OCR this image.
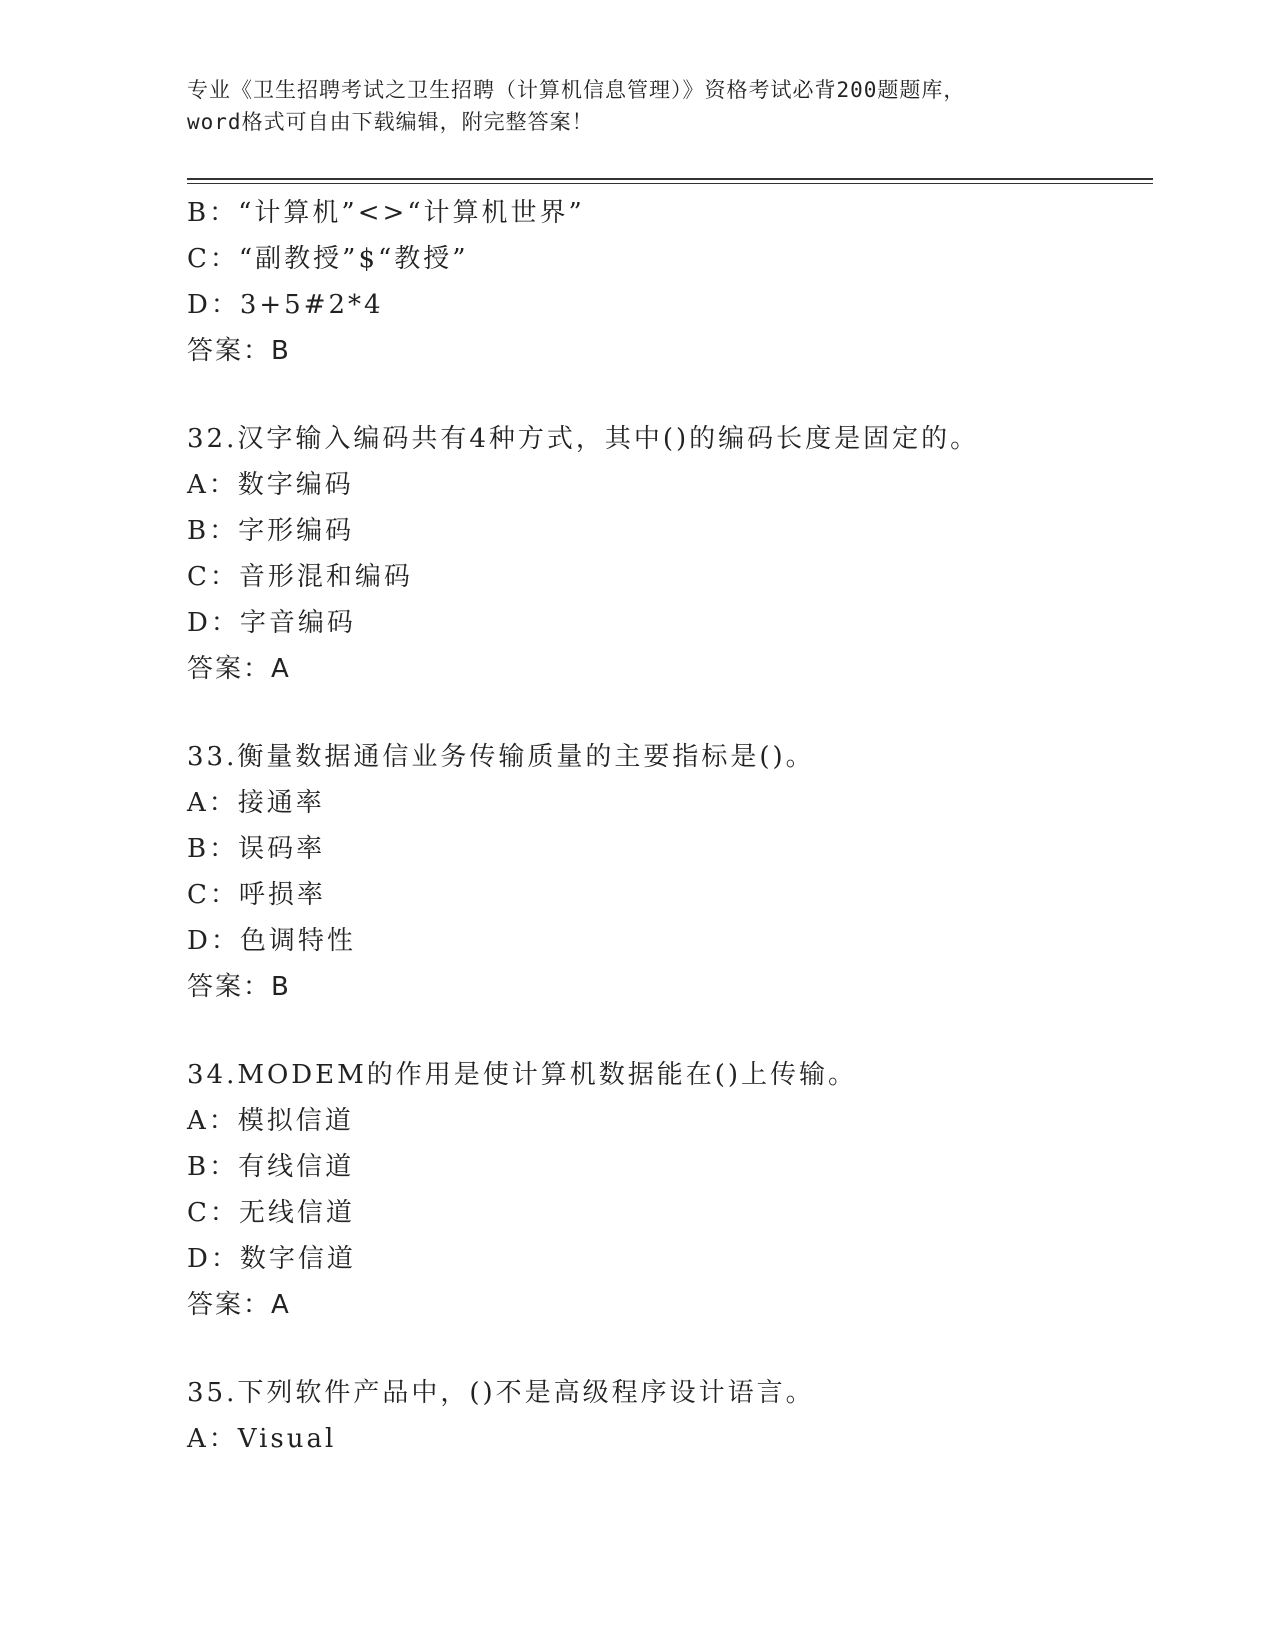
专业《卫生招聘考试之卫生招聘（计算机信息管理）》资格考试必背200题题库，
word格式可自由下载编辑，附完整答案！
B：“计算机”<>“计算机世界”
C：“副教授”$“教授”
D：3+5#2*4
答案：B
32.汉字输入编码共有4种方式，其中()的编码长度是固定的。
A：数字编码
B：字形编码
C：音形混和编码
D：字音编码
答案：A
33.衡量数据通信业务传输质量的主要指标是()。
A：接通率
B：误码率
C：呼损率
D：色调特性
答案：B
34.MODEM的作用是使计算机数据能在()上传输。
A：模拟信道
B：有线信道
C：无线信道
D：数字信道
答案：A
35.下列软件产品中，()不是高级程序设计语言。
A：Visual
